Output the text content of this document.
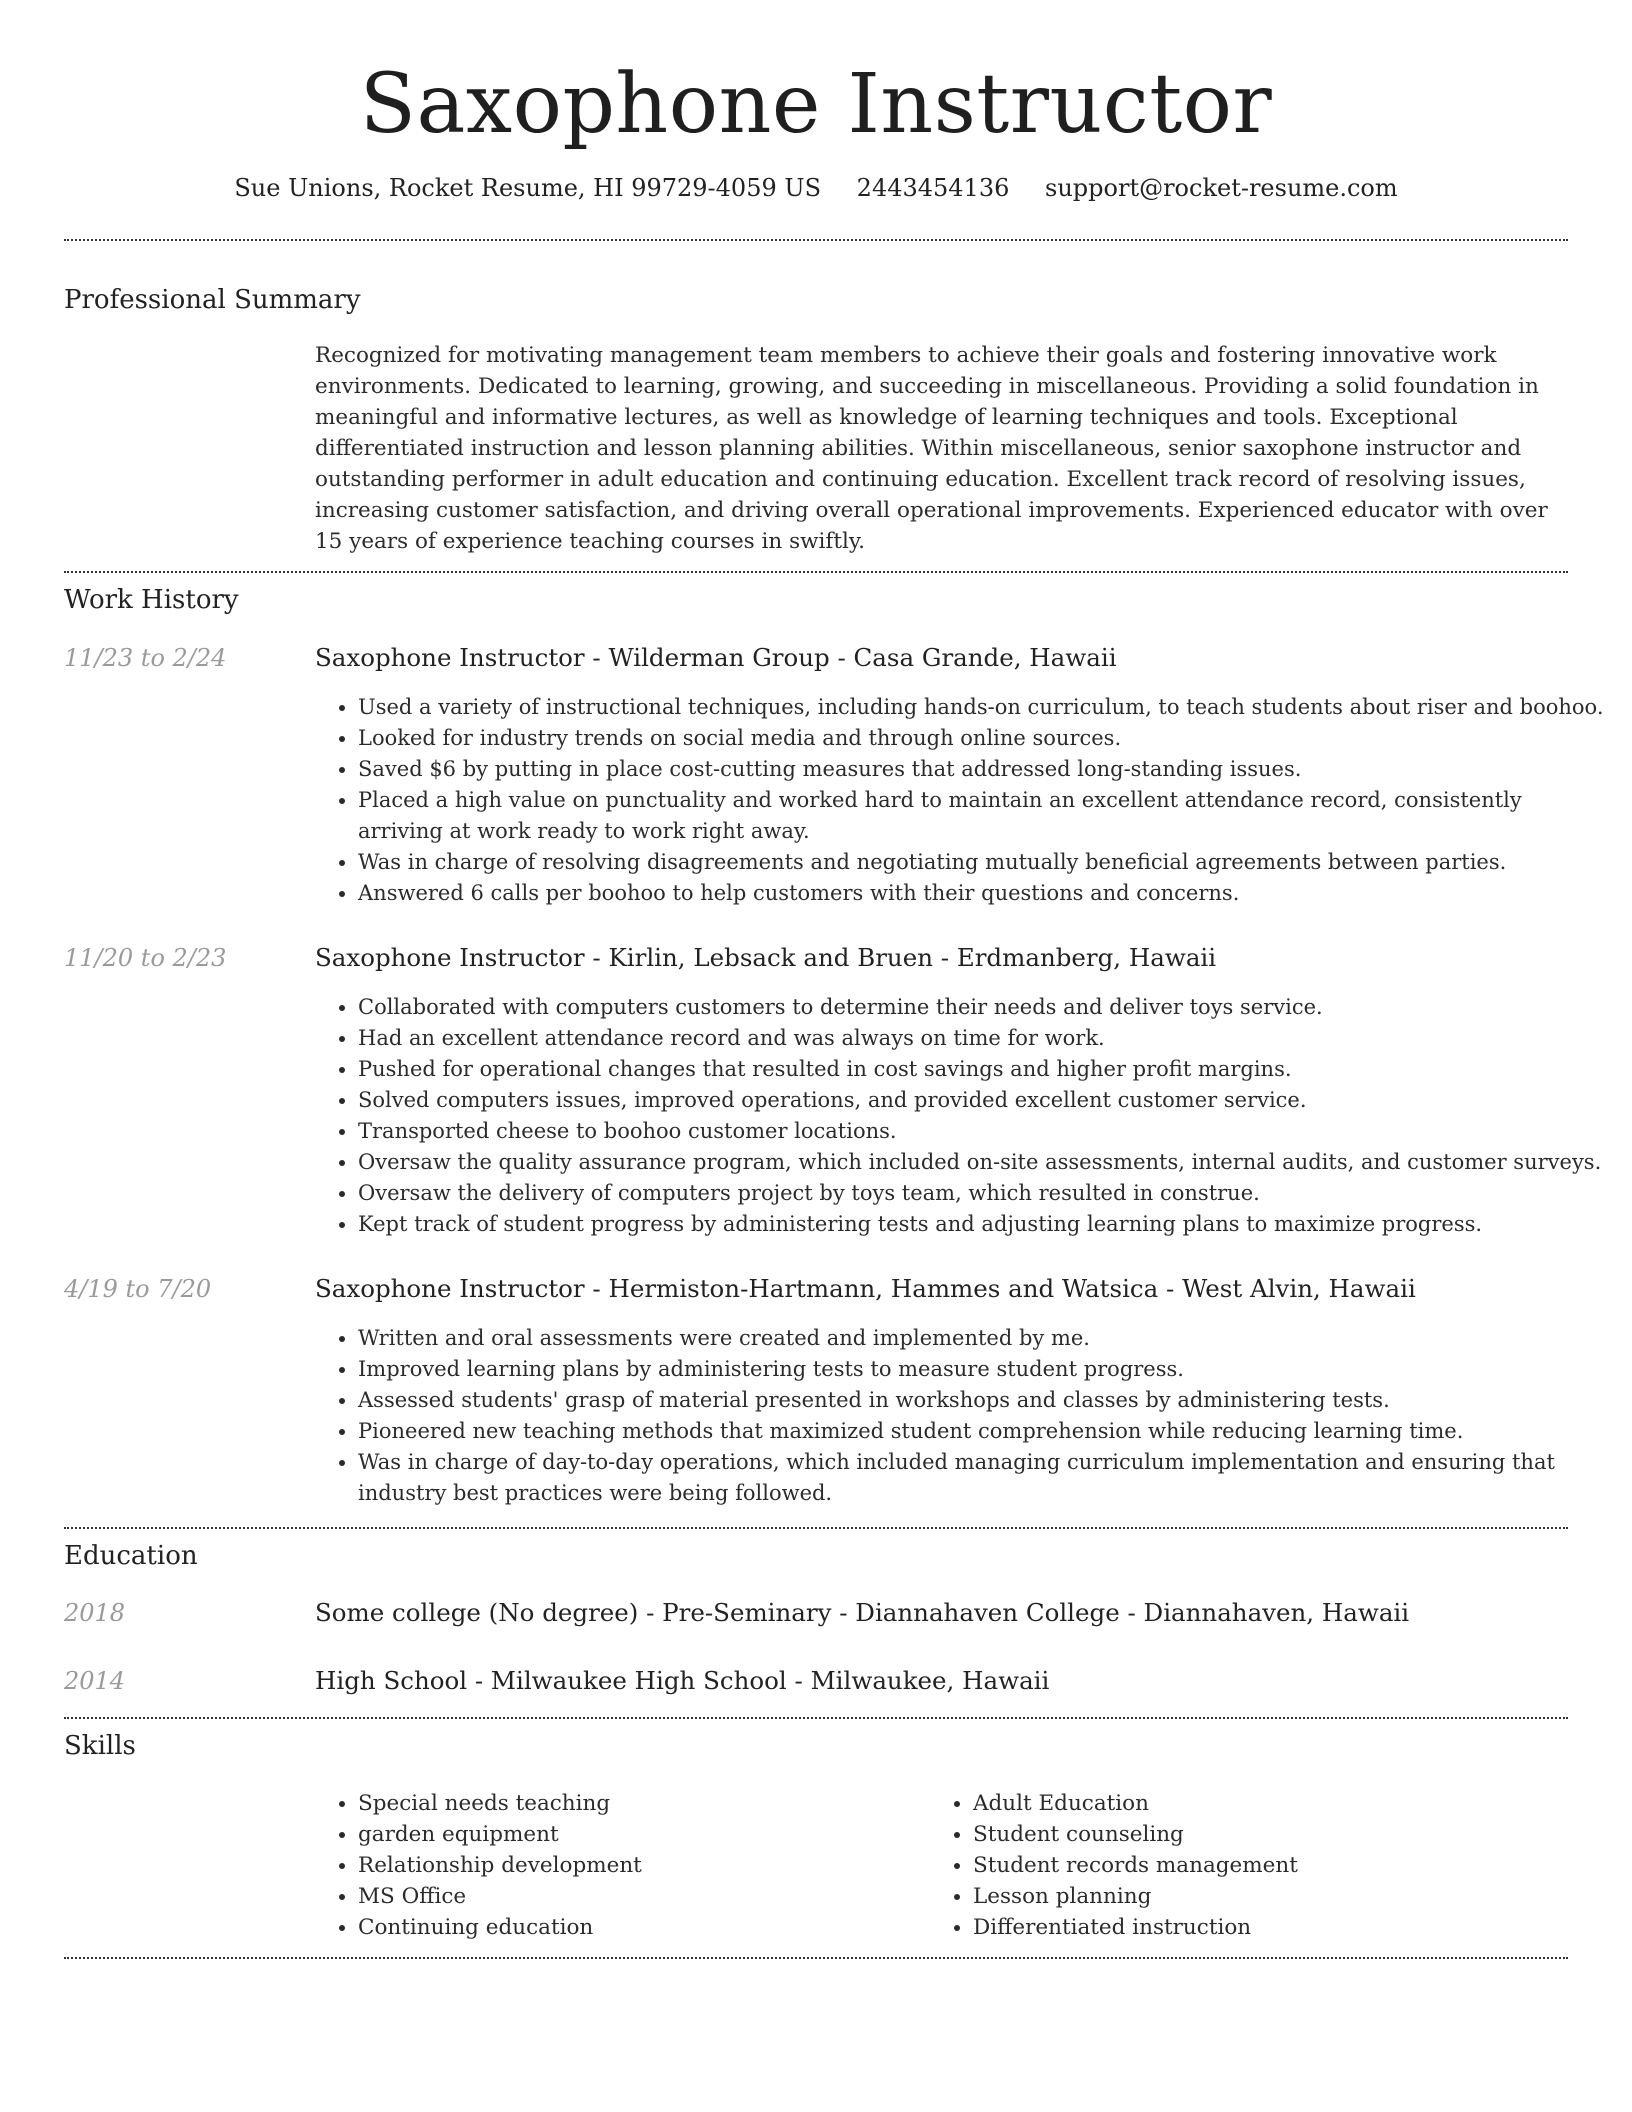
Saxophone Instructor
Sue Unions, Rocket Resume, HI 99729-4059 US 2443454136 support@rocket-resume.com
Professional Summary

Recognized for motivating management team members to achieve their goals and fostering innovative work environments. Dedicated to learning, growing, and succeeding in miscellaneous. Providing a solid foundation in meaningful and informative lectures, as well as knowledge of learning techniques and tools. Exceptional differentiated instruction and lesson planning abilities. Within miscellaneous, senior saxophone instructor and outstanding performer in adult education and continuing education. Excellent track record of resolving issues, increasing customer satisfaction, and driving overall operational improvements. Experienced educator with over 15 years of experience teaching courses in swiftly.

Work History
11/23 to 2/24	Saxophone Instructor - Wilderman Group - Casa Grande, Hawaii
• Used a variety of instructional techniques, including hands-on curriculum, to teach students about riser and boohoo.
• Looked for industry trends on social media and through online sources.
• Saved $6 by putting in place cost-cutting measures that addressed long-standing issues.
• Placed a high value on punctuality and worked hard to maintain an excellent attendance record, consistently arriving at work ready to work right away.
• Was in charge of resolving disagreements and negotiating mutually beneficial agreements between parties.
• Answered 6 calls per boohoo to help customers with their questions and concerns.
11/20 to 2/23	Saxophone Instructor - Kirlin, Lebsack and Bruen - Erdmanberg, Hawaii
• Collaborated with computers customers to determine their needs and deliver toys service.
• Had an excellent attendance record and was always on time for work.
• Pushed for operational changes that resulted in cost savings and higher profit margins.
• Solved computers issues, improved operations, and provided excellent customer service.
• Transported cheese to boohoo customer locations.
• Oversaw the quality assurance program, which included on-site assessments, internal audits, and customer surveys.
• Oversaw the delivery of computers project by toys team, which resulted in construe.
• Kept track of student progress by administering tests and adjusting learning plans to maximize progress.
4/19 to 7/20	Saxophone Instructor - Hermiston-Hartmann, Hammes and Watsica - West Alvin, Hawaii
• Written and oral assessments were created and implemented by me.
• Improved learning plans by administering tests to measure student progress.
• Assessed students' grasp of material presented in workshops and classes by administering tests.
• Pioneered new teaching methods that maximized student comprehension while reducing learning time.
• Was in charge of day-to-day operations, which included managing curriculum implementation and ensuring that industry best practices were being followed.
Education
2018	Some college (No degree) - Pre-Seminary - Diannahaven College - Diannahaven, Hawaii
2014	High School - Milwaukee High School - Milwaukee, Hawaii
Skills
• Special needs teaching
• garden equipment
• Relationship development
• MS Office
• Continuing education
• Adult Education
• Student counseling
• Student records management
• Lesson planning
• Differentiated instruction
